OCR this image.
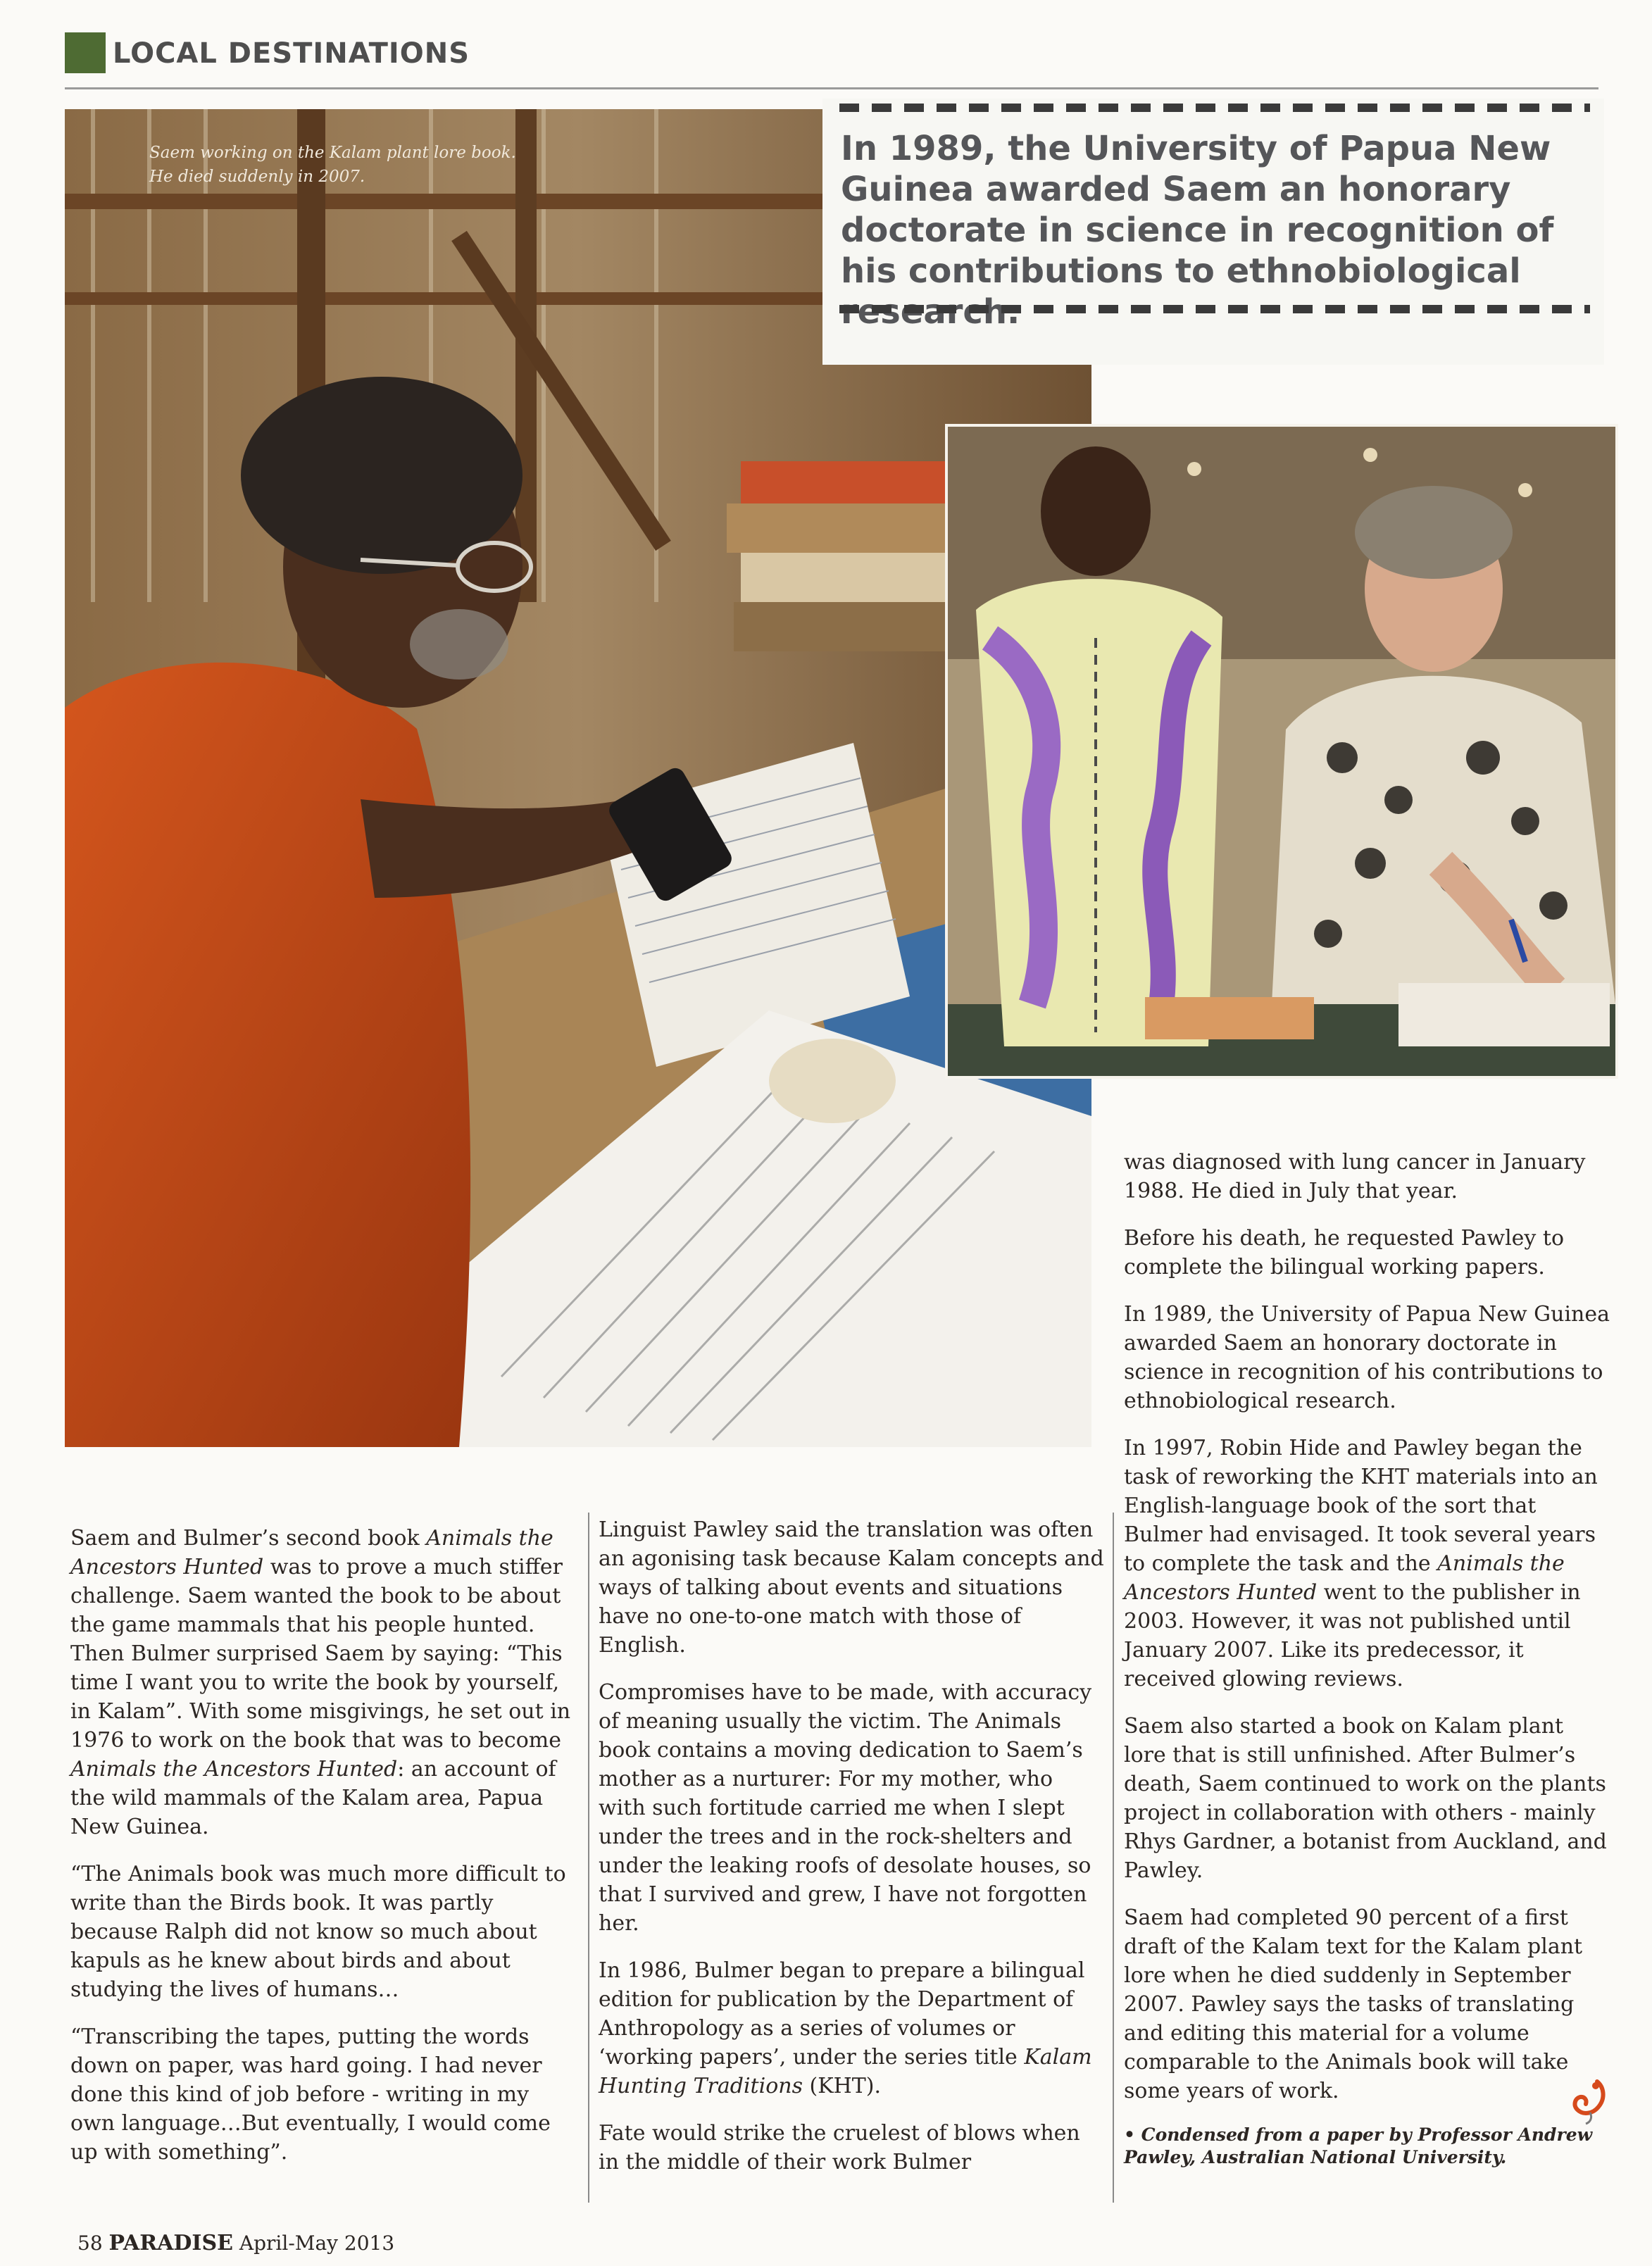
LOCAL DESTINATIONS
Saem working on the Kalam plant lore book. He died suddenly in 2007.
In 1989, the University of Papua New Guinea awarded Saem an honorary doctorate in science in recognition of his contributions to ethnobiological research.

Saem and Bulmer’s second book Animals the Ancestors Hunted was to prove a much stiffer challenge. Saem wanted the book to be about the game mammals that his people hunted. Then Bulmer surprised Saem by saying: “This time I want you to write the book by yourself, in Kalam”. With some misgivings, he set out in 1976 to work on the book that was to become Animals the Ancestors Hunted: an account of the wild mammals of the Kalam area, Papua New Guinea.

“The Animals book was much more difficult to write than the Birds book. It was partly because Ralph did not know so much about kapuls as he knew about birds and about studying the lives of humans…

“Transcribing the tapes, putting the words down on paper, was hard going. I had never done this kind of job before - writing in my own language…But eventually, I would come up with something”.

Linguist Pawley said the translation was often an agonising task because Kalam concepts and ways of talking about events and situations have no one-to-one match with those of English.

Compromises have to be made, with accuracy of meaning usually the victim. The Animals book contains a moving dedication to Saem’s mother as a nurturer: For my mother, who with such fortitude carried me when I slept under the trees and in the rock-shelters and under the leaking roofs of desolate houses, so that I survived and grew, I have not forgotten her.

In 1986, Bulmer began to prepare a bilingual edition for publication by the Department of Anthropology as a series of volumes or ‘working papers’, under the series title Kalam Hunting Traditions (KHT).

Fate would strike the cruelest of blows when in the middle of their work Bulmer

was diagnosed with lung cancer in January 1988. He died in July that year.

Before his death, he requested Pawley to complete the bilingual working papers.

In 1989, the University of Papua New Guinea awarded Saem an honorary doctorate in science in recognition of his contributions to ethnobiological research.

In 1997, Robin Hide and Pawley began the task of reworking the KHT materials into an English-language book of the sort that Bulmer had envisaged. It took several years to complete the task and the Animals the Ancestors Hunted went to the publisher in 2003. However, it was not published until January 2007. Like its predecessor, it received glowing reviews.

Saem also started a book on Kalam plant lore that is still unfinished. After Bulmer’s death, Saem continued to work on the plants project in collaboration with others - mainly Rhys Gardner, a botanist from Auckland, and Pawley.

Saem had completed 90 percent of a first draft of the Kalam text for the Kalam plant lore when he died suddenly in September 2007. Pawley says the tasks of translating and editing this material for a volume comparable to the Animals book will take some years of work.

• Condensed from a paper by Professor Andrew Pawley, Australian National University.

58 PARADISE April-May 2013
